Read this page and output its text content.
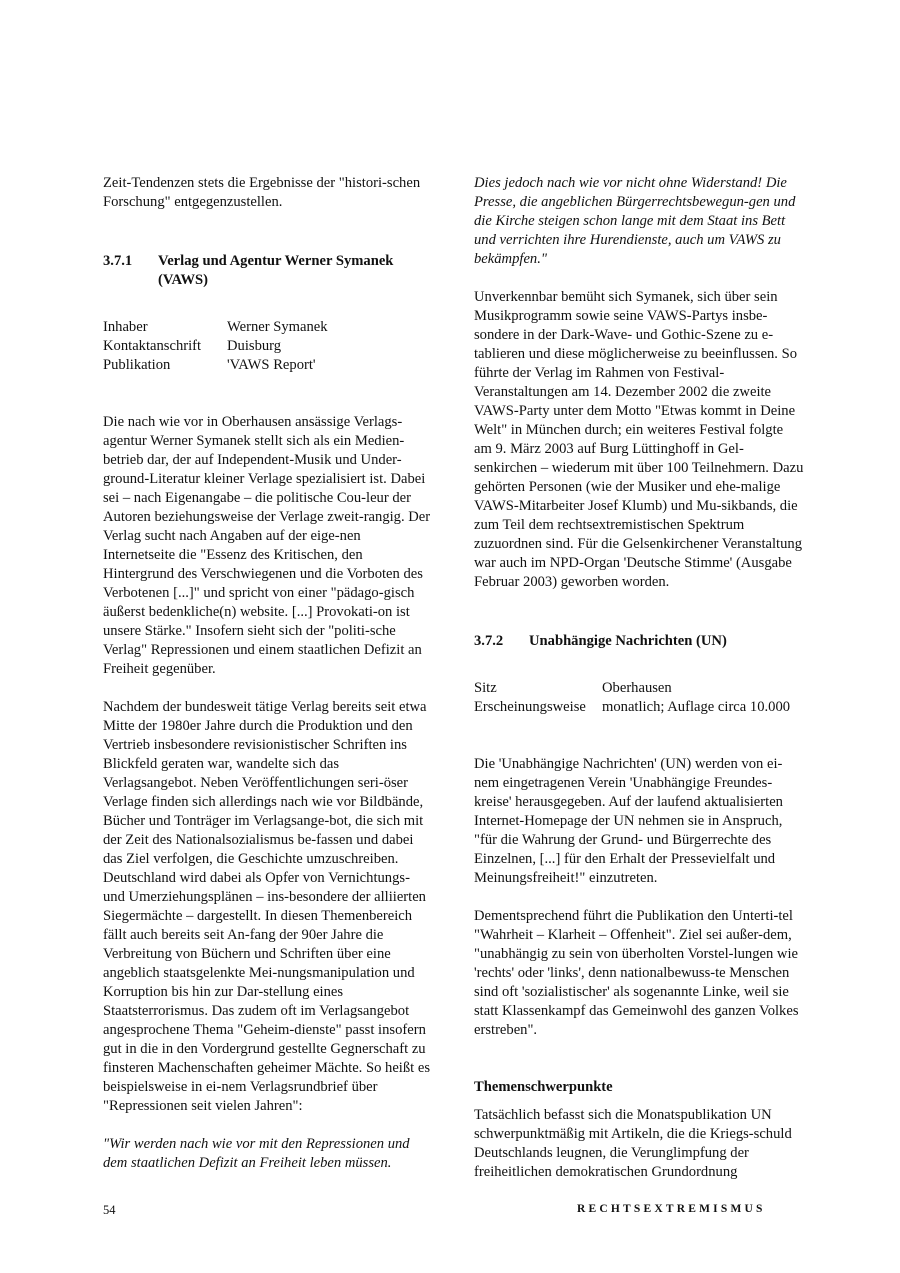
Zeit-Tendenzen stets die Ergebnisse der "histori-schen Forschung" entgegenzustellen.

3.7.1	Verlag und Agentur Werner Symanek (VAWS)
Inhaber	Werner Symanek
Kontaktanschrift	Duisburg
Publikation	'VAWS Report'

Die nach wie vor in Oberhausen ansässige Verlags-agentur Werner Symanek stellt sich als ein Medien-betrieb dar, der auf Independent-Musik und Under-ground-Literatur kleiner Verlage spezialisiert ist. Dabei sei – nach Eigenangabe – die politische Cou-leur der Autoren beziehungsweise der Verlage zweit-rangig. Der Verlag sucht nach Angaben auf der eige-nen Internetseite die "Essenz des Kritischen, den Hintergrund des Verschwiegenen und die Vorboten des Verbotenen [...]" und spricht von einer "pädago-gisch äußerst bedenkliche(n) website. [...] Provokati-on ist unsere Stärke." Insofern sieht sich der "politi-sche Verlag" Repressionen und einem staatlichen Defizit an Freiheit gegenüber.

Nachdem der bundesweit tätige Verlag bereits seit etwa Mitte der 1980er Jahre durch die Produktion und den Vertrieb insbesondere revisionistischer Schriften ins Blickfeld geraten war, wandelte sich das Verlagsangebot. Neben Veröffentlichungen seri-öser Verlage finden sich allerdings nach wie vor Bildbände, Bücher und Tonträger im Verlagsange-bot, die sich mit der Zeit des Nationalsozialismus be-fassen und dabei das Ziel verfolgen, die Geschichte umzuschreiben. Deutschland wird dabei als Opfer von Vernichtungs- und Umerziehungsplänen – ins-besondere der alliierten Siegermächte – dargestellt. In diesen Themenbereich fällt auch bereits seit An-fang der 90er Jahre die Verbreitung von Büchern und Schriften über eine angeblich staatsgelenkte Mei-nungsmanipulation und Korruption bis hin zur Dar-stellung eines Staatsterrorismus. Das zudem oft im Verlagsangebot angesprochene Thema "Geheim-dienste" passt insofern gut in die in den Vordergrund gestellte Gegnerschaft zu finsteren Machenschaften geheimer Mächte. So heißt es beispielsweise in ei-nem Verlagsrundbrief über "Repressionen seit vielen Jahren":

"Wir werden nach wie vor mit den Repressionen und dem staatlichen Defizit an Freiheit leben müssen.

Dies jedoch nach wie vor nicht ohne Widerstand! Die Presse, die angeblichen Bürgerrechtsbewegun-gen und die Kirche steigen schon lange mit dem Staat ins Bett und verrichten ihre Hurendienste, auch um VAWS zu bekämpfen."

Unverkennbar bemüht sich Symanek, sich über sein Musikprogramm sowie seine VAWS-Partys insbe-sondere in der Dark-Wave- und Gothic-Szene zu e-tablieren und diese möglicherweise zu beeinflussen. So führte der Verlag im Rahmen von Festival-Veranstaltungen am 14. Dezember 2002 die zweite VAWS-Party unter dem Motto "Etwas kommt in Deine Welt" in München durch; ein weiteres Festival folgte am 9. März 2003 auf Burg Lüttinghoff in Gel-senkirchen – wiederum mit über 100 Teilnehmern. Dazu gehörten Personen (wie der Musiker und ehe-malige VAWS-Mitarbeiter Josef Klumb) und Mu-sikbands, die zum Teil dem rechtsextremistischen Spektrum zuzuordnen sind. Für die Gelsenkirchener Veranstaltung war auch im NPD-Organ 'Deutsche Stimme' (Ausgabe Februar 2003) geworben worden.

3.7.2	Unabhängige Nachrichten (UN)
Sitz	Oberhausen
Erscheinungsweise	monatlich; Auflage circa 10.000

Die 'Unabhängige Nachrichten' (UN) werden von ei-nem eingetragenen Verein 'Unabhängige Freundes-kreise' herausgegeben. Auf der laufend aktualisierten Internet-Homepage der UN nehmen sie in Anspruch, "für die Wahrung der Grund- und Bürgerrechte des Einzelnen, [...] für den Erhalt der Pressevielfalt und Meinungsfreiheit!" einzutreten.

Dementsprechend führt die Publikation den Unterti-tel "Wahrheit – Klarheit – Offenheit". Ziel sei außer-dem, "unabhängig zu sein von überholten Vorstel-lungen wie 'rechts' oder 'links', denn nationalbewuss-te Menschen sind oft 'sozialistischer' als sogenannte Linke, weil sie statt Klassenkampf das Gemeinwohl des ganzen Volkes erstreben".

Themenschwerpunkte

Tatsächlich befasst sich die Monatspublikation UN schwerpunktmäßig mit Artikeln, die die Kriegs-schuld Deutschlands leugnen, die Verunglimpfung der freiheitlichen demokratischen Grundordnung

54	RECHTSEXTREMISMUS
